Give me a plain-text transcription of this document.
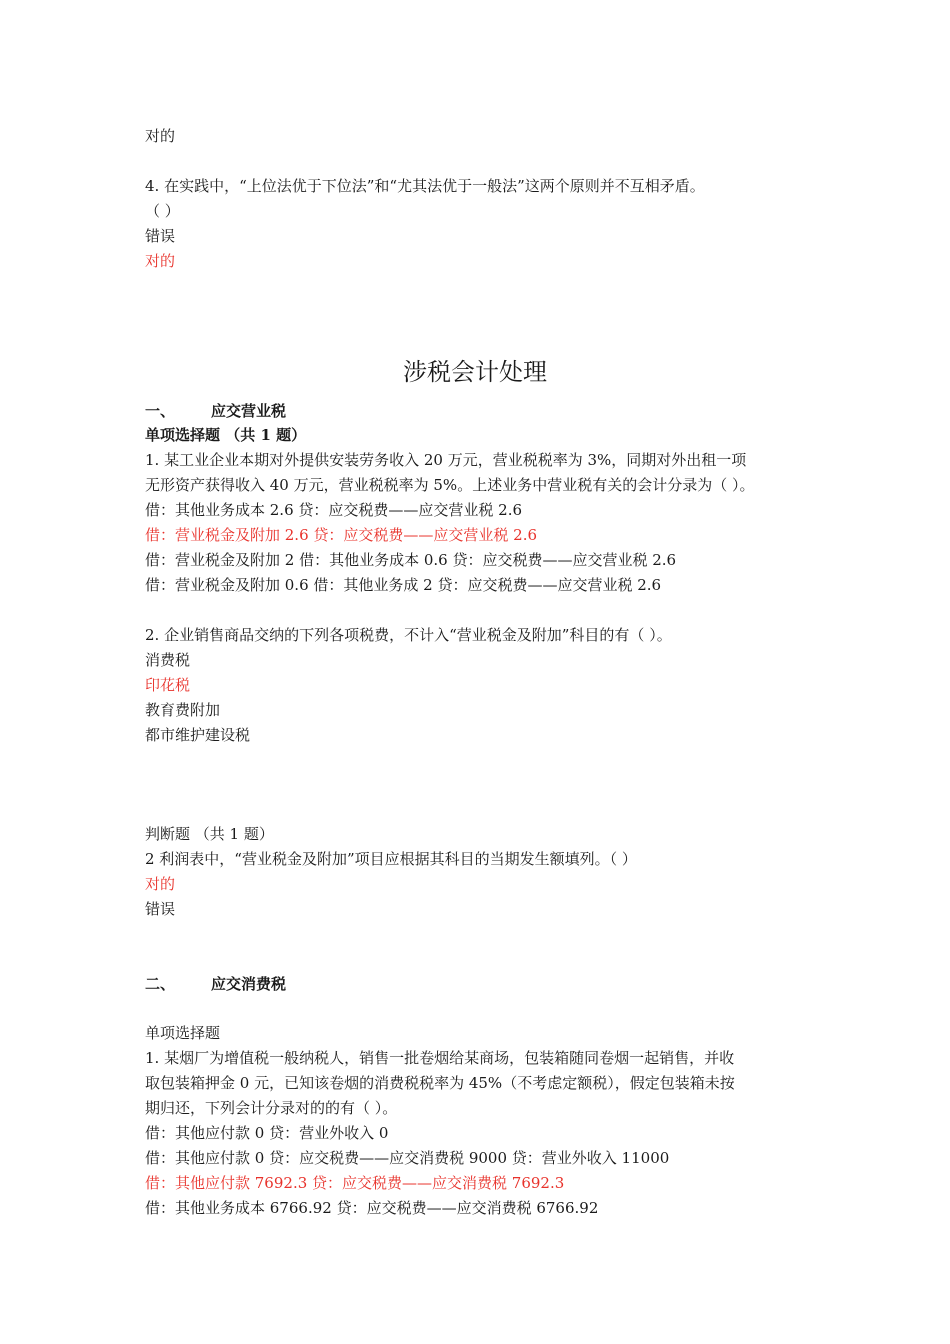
对的
4. 在实践中，“上位法优于下位法”和“尤其法优于一般法”这两个原则并不互相矛盾。
（ ）
错误
对的
涉税会计处理
一、 应交营业税
单项选择题 （共 1 题）
1. 某工业企业本期对外提供安装劳务收入 20 万元，营业税税率为 3%，同期对外出租一项
无形资产获得收入 40 万元，营业税税率为 5%。上述业务中营业税有关的会计分录为（ ）。
借：其他业务成本 2.6 贷：应交税费——应交营业税 2.6
借：营业税金及附加 2.6 贷：应交税费——应交营业税 2.6
借：营业税金及附加 2 借：其他业务成本 0.6 贷：应交税费——应交营业税 2.6
借：营业税金及附加 0.6 借：其他业务成 2 贷：应交税费——应交营业税 2.6
2. 企业销售商品交纳的下列各项税费，不计入“营业税金及附加”科目的有（ ）。
消费税
印花税
教育费附加
都市维护建设税
判断题 （共 1 题）
2 利润表中，“营业税金及附加”项目应根据其科目的当期发生额填列。（ ）
对的
错误
二、 应交消费税
单项选择题
1. 某烟厂为增值税一般纳税人，销售一批卷烟给某商场，包装箱随同卷烟一起销售，并收
取包装箱押金 0 元，已知该卷烟的消费税税率为 45%（不考虑定额税），假定包装箱未按
期归还，下列会计分录对的的有（ ）。
借：其他应付款 0 贷：营业外收入 0
借：其他应付款 0 贷：应交税费——应交消费税 9000 贷：营业外收入 11000
借：其他应付款 7692.3 贷：应交税费——应交消费税 7692.3
借：其他业务成本 6766.92 贷：应交税费——应交消费税 6766.92
